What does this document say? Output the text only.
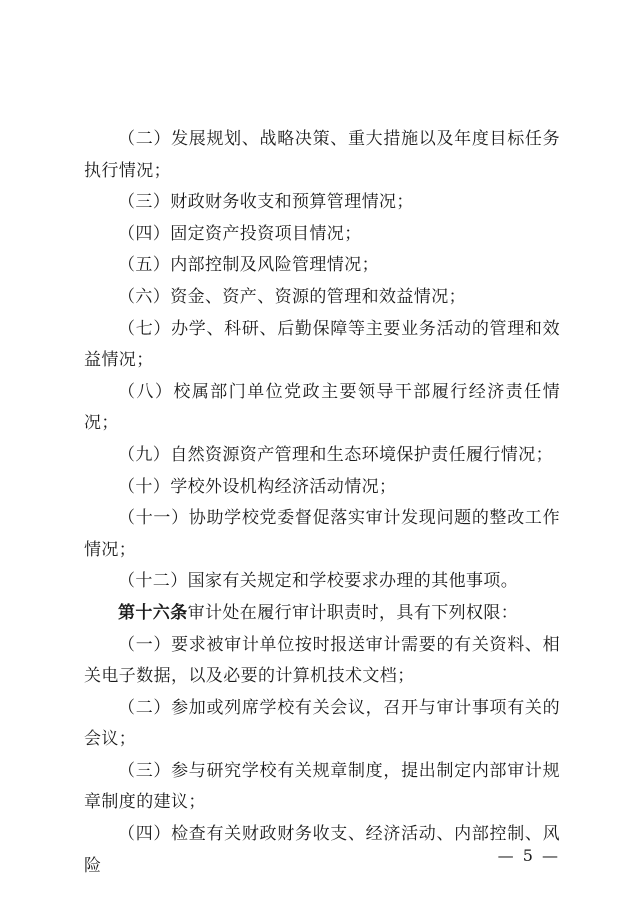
（二）发展规划、战略决策、重大措施以及年度目标任务执行情况；

（三）财政财务收支和预算管理情况；

（四）固定资产投资项目情况；

（五）内部控制及风险管理情况；

（六）资金、资产、资源的管理和效益情况；

（七）办学、科研、后勤保障等主要业务活动的管理和效益情况；

（八）校属部门单位党政主要领导干部履行经济责任情况；

（九）自然资源资产管理和生态环境保护责任履行情况；

（十）学校外设机构经济活动情况；

（十一）协助学校党委督促落实审计发现问题的整改工作情况；

（十二）国家有关规定和学校要求办理的其他事项。

第十六条审计处在履行审计职责时，具有下列权限：

（一）要求被审计单位按时报送审计需要的有关资料、相关电子数据，以及必要的计算机技术文档；

（二）参加或列席学校有关会议，召开与审计事项有关的会议；

（三）参与研究学校有关规章制度，提出制定内部审计规章制度的建议；

（四）检查有关财政财务收支、经济活动、内部控制、风险

— 5 —
